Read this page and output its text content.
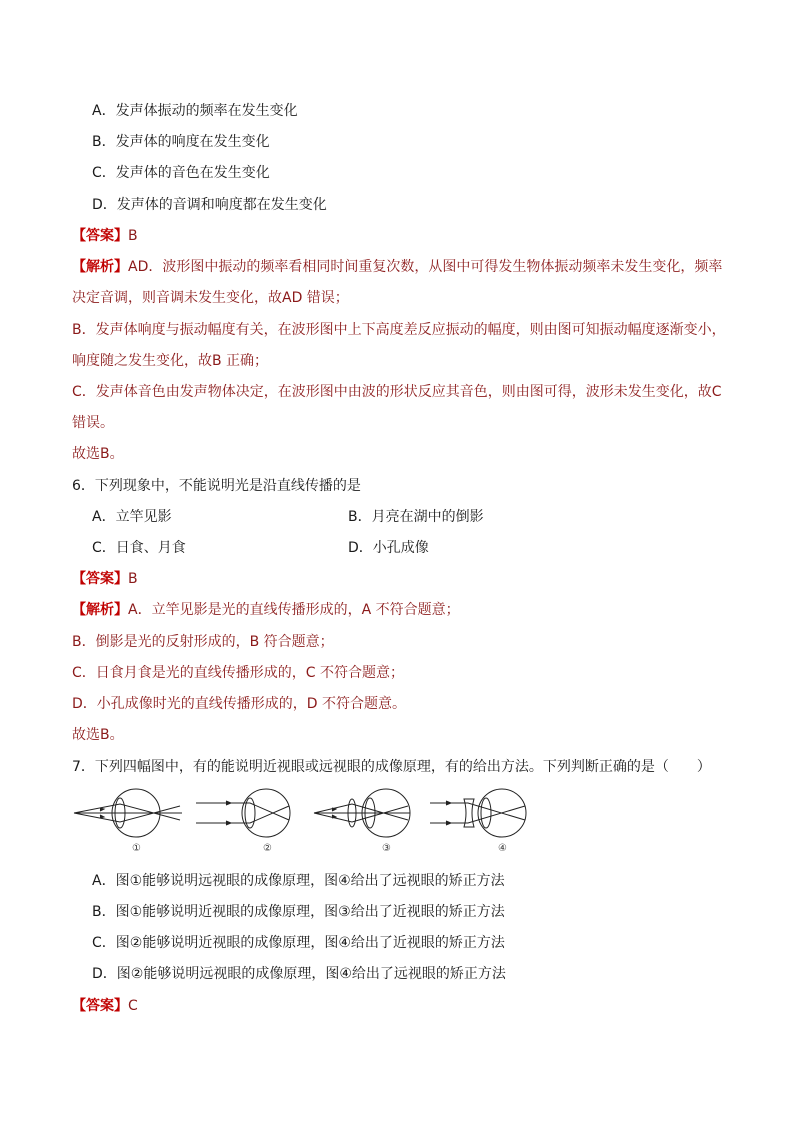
A．发声体振动的频率在发生变化
B．发声体的响度在发生变化
C．发声体的音色在发生变化
D．发声体的音调和响度都在发生变化
【答案】B
【解析】AD．波形图中振动的频率看相同时间重复次数，从图中可得发生物体振动频率未发生变化，频率
决定音调，则音调未发生变化，故AD 错误；
B．发声体响度与振动幅度有关，在波形图中上下高度差反应振动的幅度，则由图可知振动幅度逐渐变小，
响度随之发生变化，故B 正确；
C．发声体音色由发声物体决定，在波形图中由波的形状反应其音色，则由图可得，波形未发生变化，故C
错误。
故选B。
6．下列现象中，不能说明光是沿直线传播的是
A．立竿见影	B．月亮在湖中的倒影
C．日食、月食	D．小孔成像
【答案】B
【解析】A．立竿见影是光的直线传播形成的，A 不符合题意；
B．倒影是光的反射形成的，B 符合题意；
C．日食月食是光的直线传播形成的，C 不符合题意；
D．小孔成像时光的直线传播形成的，D 不符合题意。
故选B。
7．下列四幅图中，有的能说明近视眼或远视眼的成像原理，有的给出方法。下列判断正确的是（　　）
①	②	③	④
A．图①能够说明远视眼的成像原理，图④给出了远视眼的矫正方法
B．图①能够说明近视眼的成像原理，图③给出了近视眼的矫正方法
C．图②能够说明近视眼的成像原理，图④给出了近视眼的矫正方法
D．图②能够说明远视眼的成像原理，图④给出了远视眼的矫正方法
【答案】C
